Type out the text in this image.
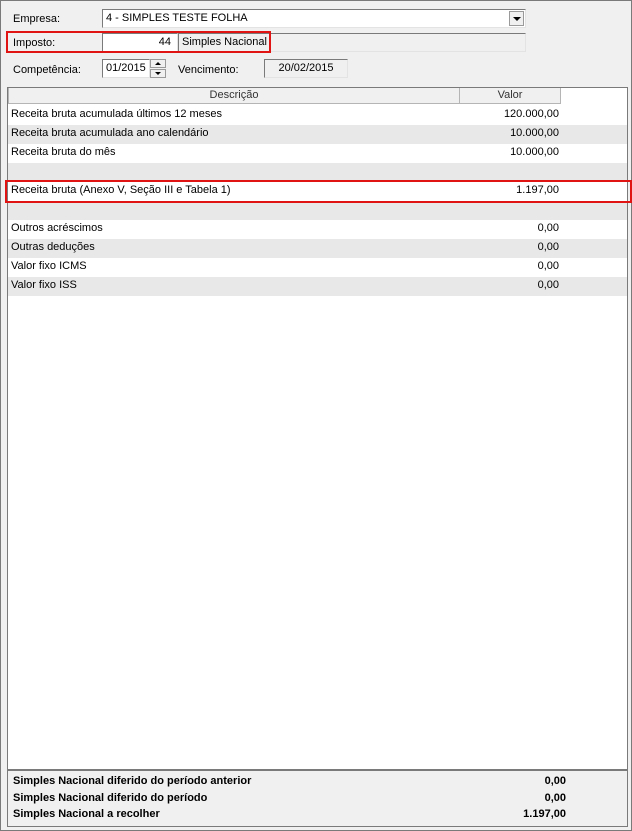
Empresa:	4 - SIMPLES TESTE FOLHA
Imposto:	44	Simples Nacional
Competência:	01/2015	Vencimento:	20/02/2015
Descrição	Valor
Receita bruta acumulada últimos 12 meses	120.000,00
Receita bruta acumulada ano calendário	10.000,00
Receita bruta do mês	10.000,00
Receita bruta (Anexo V, Seção III e Tabela 1)	1.197,00
Outros acréscimos	0,00
Outras deduções	0,00
Valor fixo ICMS	0,00
Valor fixo ISS	0,00
Simples Nacional diferido do período anterior	0,00
Simples Nacional diferido do período	0,00
Simples Nacional a recolher	1.197,00
